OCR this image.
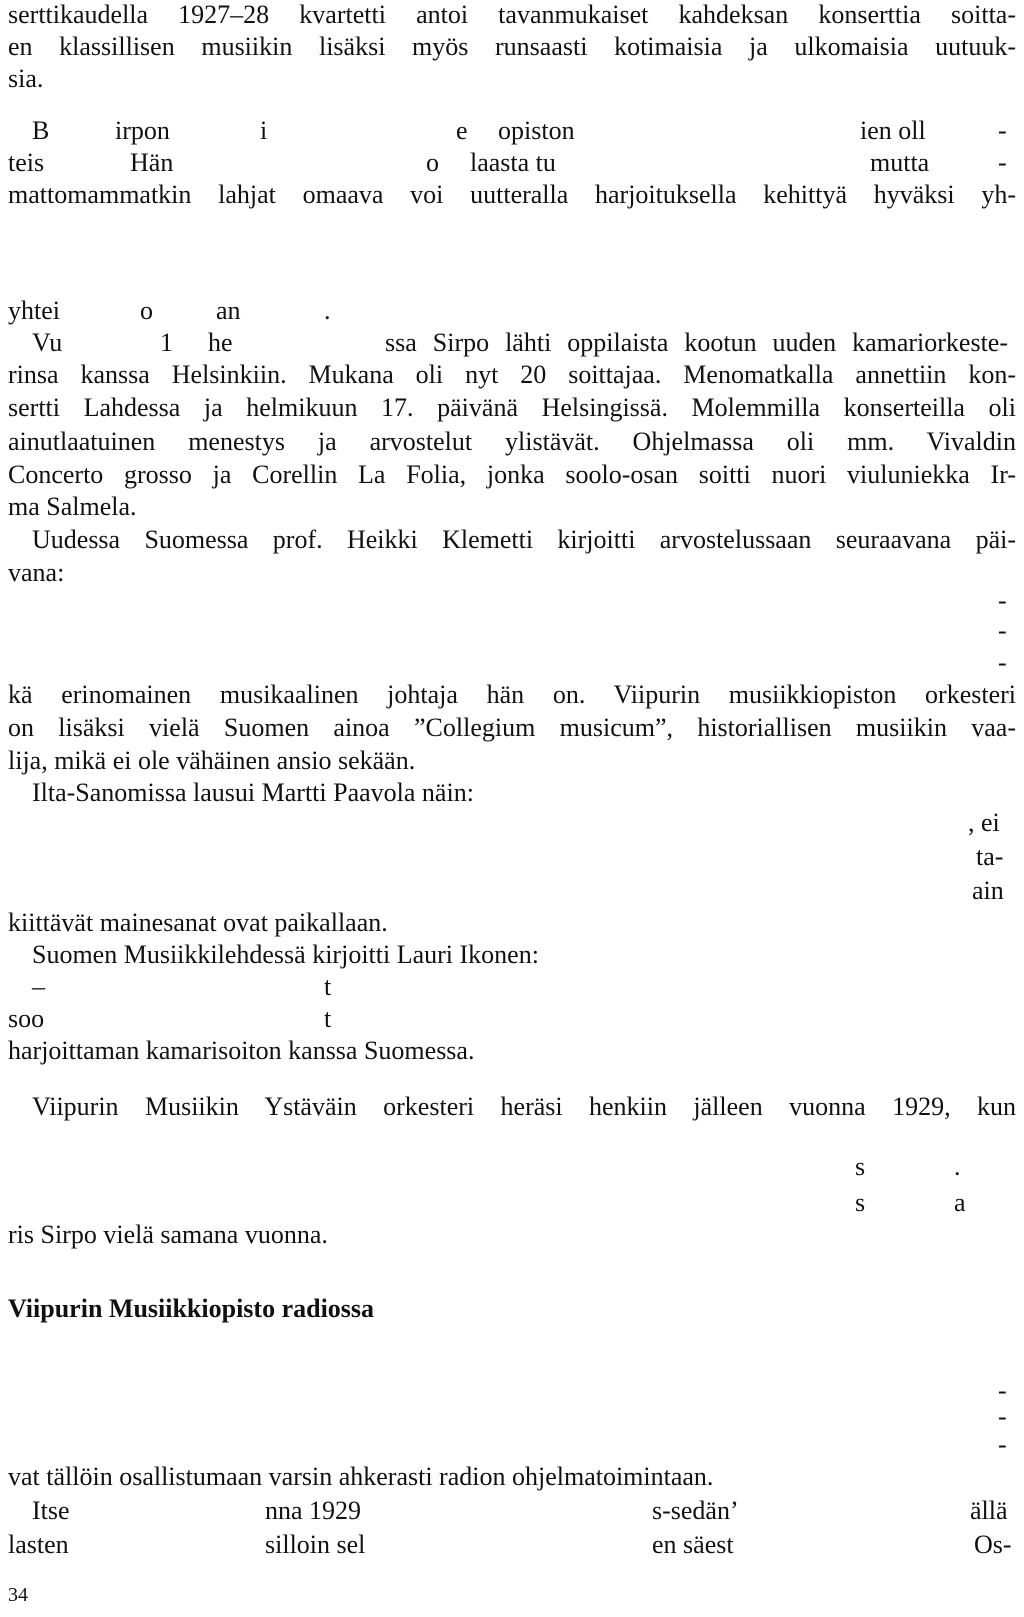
serttikaudella 1927–28 kvartetti antoi tavanmukaiset kahdeksan konserttia soitta-
en klassillisen musiikin lisäksi myös runsaasti kotimaisia ja ulkomaisia uutuuk-
sia.
B	irpon	i	e opiston	ien oll	-
teis	Hän	o laasta tu	mutta	-
mattomammatkin lahjat omaava voi uutteralla harjoituksella kehittyä hyväksi yh-
yhtei	o an	.
Vu	1 he	ssa Sirpo lähti oppilaista kootun uuden kamariorkeste-
rinsa kanssa Helsinkiin. Mukana oli nyt 20 soittajaa. Menomatkalla annettiin kon-
sertti Lahdessa ja helmikuun 17. päivänä Helsingissä. Molemmilla konserteilla oli
ainutlaatuinen menestys ja arvostelut ylistävät. Ohjelmassa oli mm. Vivaldin
Concerto grosso ja Corellin La Folia, jonka soolo-osan soitti nuori viuluniekka Ir-
ma Salmela.
Uudessa Suomessa prof. Heikki Klemetti kirjoitti arvostelussaan seuraavana päi-
vana:
-
-
-
kä erinomainen musikaalinen johtaja hän on. Viipurin musiikkiopiston orkesteri
on lisäksi vielä Suomen ainoa ”Collegium musicum”, historiallisen musiikin vaa-
lija, mikä ei ole vähäinen ansio sekään.
Ilta-Sanomissa lausui Martti Paavola näin:
, ei
ta-
ain
kiittävät mainesanat ovat paikallaan.
Suomen Musiikkilehdessä kirjoitti Lauri Ikonen:
–	t
soo	t
harjoittaman kamarisoiton kanssa Suomessa.
Viipurin Musiikin Ystäväin orkesteri heräsi henkiin jälleen vuonna 1929, kun
s	.
s	a
ris Sirpo vielä samana vuonna.
Viipurin Musiikkiopisto radiossa
-
-
-
vat tällöin osallistumaan varsin ahkerasti radion ohjelmatoimintaan.
Itse	nna 1929	s-sedän’	ällä
lasten	silloin sel	en säest	Os-
34
